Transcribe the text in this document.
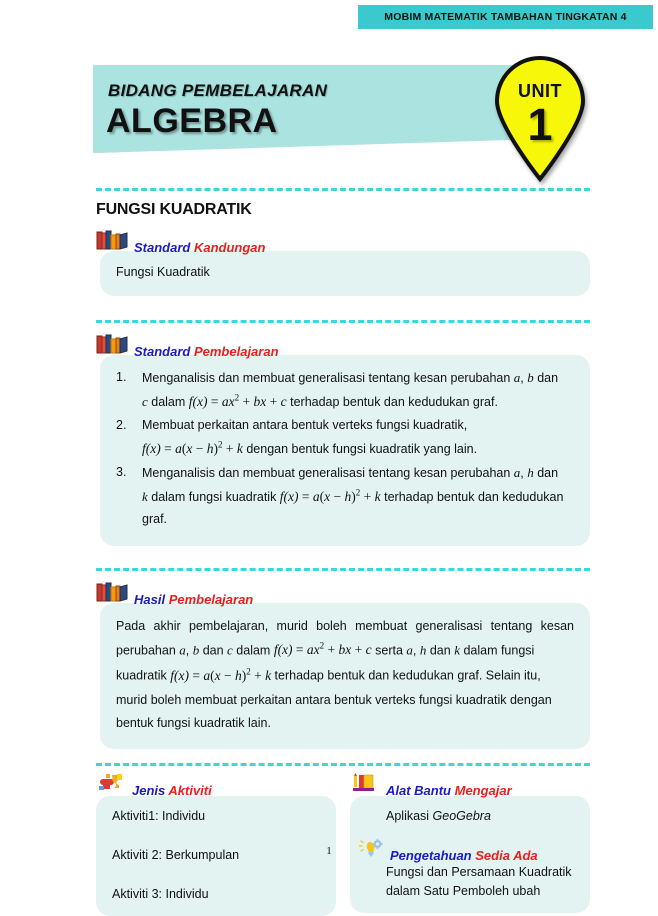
MOBIM MATEMATIK TAMBAHAN TINGKATAN 4
BIDANG PEMBELAJARAN
ALGEBRA
UNIT
1
FUNGSI KUADRATIK
Standard Kandungan

Fungsi Kuadratik

Standard Pembelajaran
1.	Menganalisis dan membuat generalisasi tentang kesan perubahan a, b dan
c dalam $f(x) = ax^2$ + bx + c terhadap bentuk dan kedudukan graf.
2.	Membuat perkaitan antara bentuk verteks fungsi kuadratik,
$f(x) = a(x - h)^2 + k$ dengan bentuk fungsi kuadratik yang lain.
3.	Menganalisis dan membuat generalisasi tentang kesan perubahan a, h dan
k dalam fungsi kuadratik $f(x) = a(x - h)^2 + k$ terhadap bentuk dan kedudukan
graf.
Hasil Pembelajaran

Pada akhir pembelajaran, murid boleh membuat generalisasi tentang kesan perubahan a, b dan c dalam $f(x) = ax^2$ + bx + c serta a, h dan k dalam fungsi
kuadratik $f(x) = a(x - h)^2 + k$ terhadap bentuk dan kedudukan graf. Selain itu,
murid boleh membuat perkaitan antara bentuk verteks fungsi kuadratik dengan
bentuk fungsi kuadratik lain.

Jenis Aktiviti
Aktiviti1: Individu
Aktiviti 2: Berkumpulan
Aktiviti 3: Individu
Alat Bantu Mengajar
Aplikasi GeoGebra
Pengetahuan Sedia Ada
Fungsi dan Persamaan Kuadratik
dalam Satu Pemboleh ubah
1
